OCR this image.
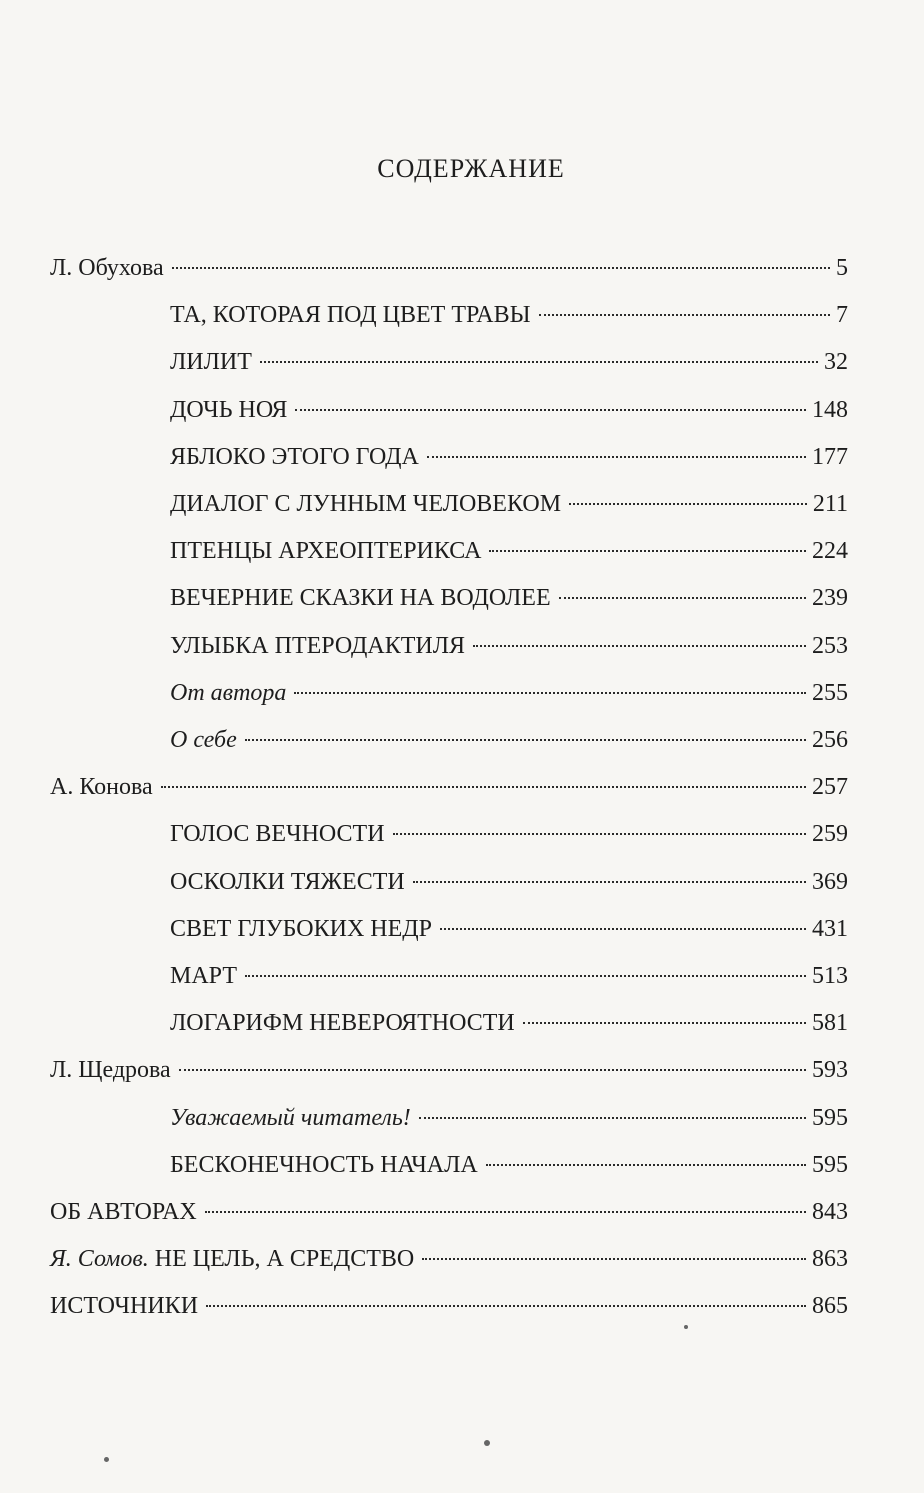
СОДЕРЖАНИЕ
Л. Обухова	5
ТА, КОТОРАЯ ПОД ЦВЕТ ТРАВЫ	7
ЛИЛИТ	32
ДОЧЬ НОЯ	148
ЯБЛОКО ЭТОГО ГОДА	177
ДИАЛОГ С ЛУННЫМ ЧЕЛОВЕКОМ	211
ПТЕНЦЫ АРХЕОПТЕРИКСА	224
ВЕЧЕРНИЕ СКАЗКИ НА ВОДОЛЕЕ	239
УЛЫБКА ПТЕРОДАКТИЛЯ	253
От автора	255
О себе	256
А. Конова	257
ГОЛОС ВЕЧНОСТИ	259
ОСКОЛКИ ТЯЖЕСТИ	369
СВЕТ ГЛУБОКИХ НЕДР	431
МАРТ	513
ЛОГАРИФМ НЕВЕРОЯТНОСТИ	581
Л. Щедрова	593
Уважаемый читатель!	595
БЕСКОНЕЧНОСТЬ НАЧАЛА	595
ОБ АВТОРАХ	843
Я. Сомов. НЕ ЦЕЛЬ, А СРЕДСТВО	863
ИСТОЧНИКИ	865
